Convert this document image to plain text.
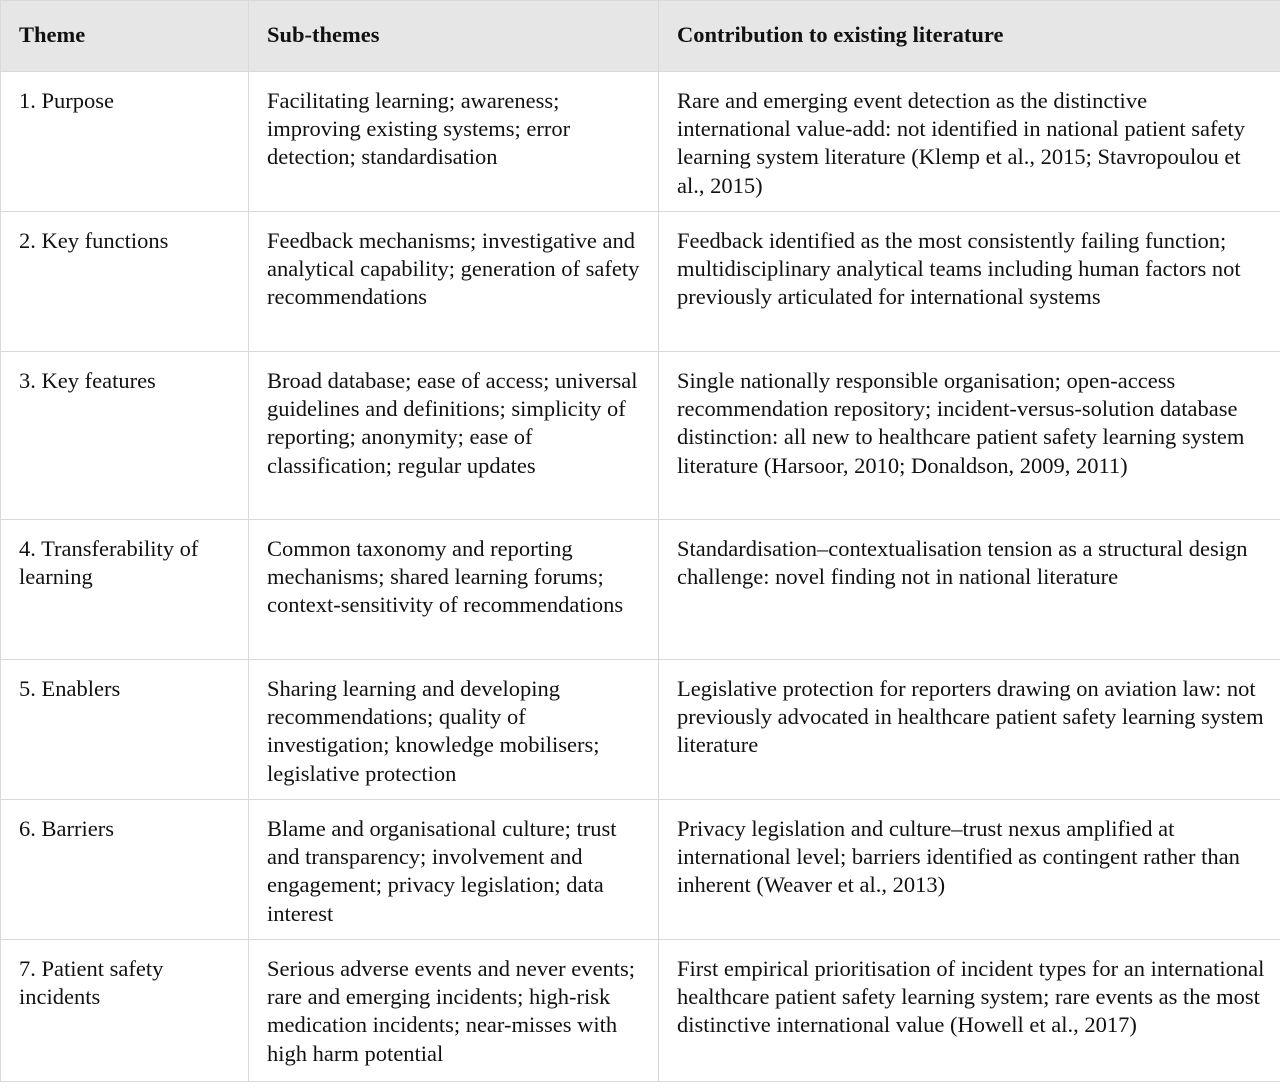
Theme	Sub-themes	Contribution to existing literature
1. Purpose	Facilitating learning; awareness; improving existing systems; error detection; standardisation	Rare and emerging event detection as the distinctive international value-add: not identified in national patient safety learning system literature (Klemp et al., 2015; Stavropoulou et al., 2015)
2. Key functions	Feedback mechanisms; investigative and analytical capability; generation of safety recommendations	Feedback identified as the most consistently failing function; multidisciplinary analytical teams including human factors not previously articulated for international systems
3. Key features	Broad database; ease of access; universal guidelines and definitions; simplicity of reporting; anonymity; ease of classification; regular updates	Single nationally responsible organisation; open-access recommendation repository; incident-versus-solution database distinction: all new to healthcare patient safety learning system literature (Harsoor, 2010; Donaldson, 2009, 2011)
4. Transferability of learning	Common taxonomy and reporting mechanisms; shared learning forums; context-sensitivity of recommendations	Standardisation–contextualisation tension as a structural design challenge: novel finding not in national literature
5. Enablers	Sharing learning and developing recommendations; quality of investigation; knowledge mobilisers; legislative protection	Legislative protection for reporters drawing on aviation law: not previously advocated in healthcare patient safety learning system literature
6. Barriers	Blame and organisational culture; trust and transparency; involvement and engagement; privacy legislation; data interest	Privacy legislation and culture–trust nexus amplified at international level; barriers identified as contingent rather than inherent (Weaver et al., 2013)
7. Patient safety incidents	Serious adverse events and never events; rare and emerging incidents; high-risk medication incidents; near-misses with high harm potential	First empirical prioritisation of incident types for an international healthcare patient safety learning system; rare events as the most distinctive international value (Howell et al., 2017)
